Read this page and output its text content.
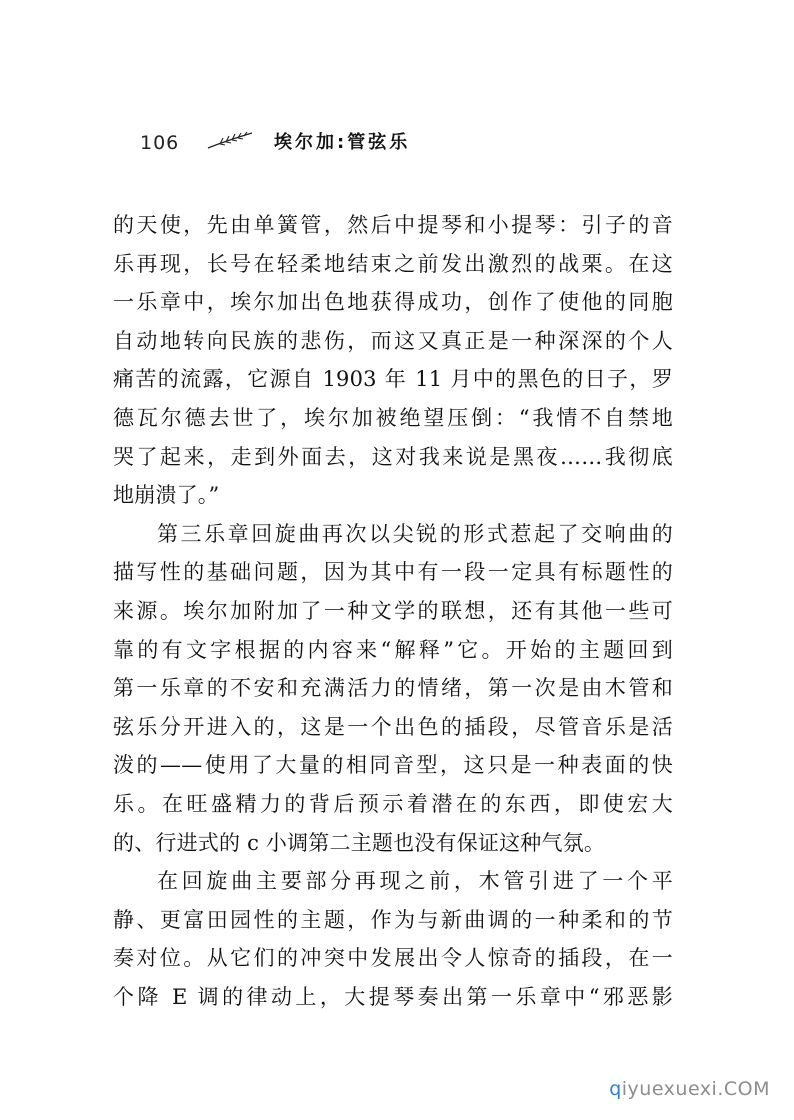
106	埃尔加:管弦乐
的天使，先由单簧管，然后中提琴和小提琴：引子的音
乐再现，长号在轻柔地结束之前发出激烈的战栗。在这
一乐章中，埃尔加出色地获得成功，创作了使他的同胞
自动地转向民族的悲伤，而这又真正是一种深深的个人
痛苦的流露，它源自 1903 年 11 月中的黑色的日子，罗
德瓦尔德去世了，埃尔加被绝望压倒：“我情不自禁地
哭了起来，走到外面去，这对我来说是黑夜……我彻底
地崩溃了。”
第三乐章回旋曲再次以尖锐的形式惹起了交响曲的
描写性的基础问题，因为其中有一段一定具有标题性的
来源。埃尔加附加了一种文学的联想，还有其他一些可
靠的有文字根据的内容来“解释”它。开始的主题回到
第一乐章的不安和充满活力的情绪，第一次是由木管和
弦乐分开进入的，这是一个出色的插段，尽管音乐是活
泼的——使用了大量的相同音型，这只是一种表面的快
乐。在旺盛精力的背后预示着潜在的东西，即使宏大
的、行进式的 c 小调第二主题也没有保证这种气氛。
在回旋曲主要部分再现之前，木管引进了一个平
静、更富田园性的主题，作为与新曲调的一种柔和的节
奏对位。从它们的冲突中发展出令人惊奇的插段，在一
个降 E 调的律动上，大提琴奏出第一乐章中“邪恶影
qiyuexuexi.COM
